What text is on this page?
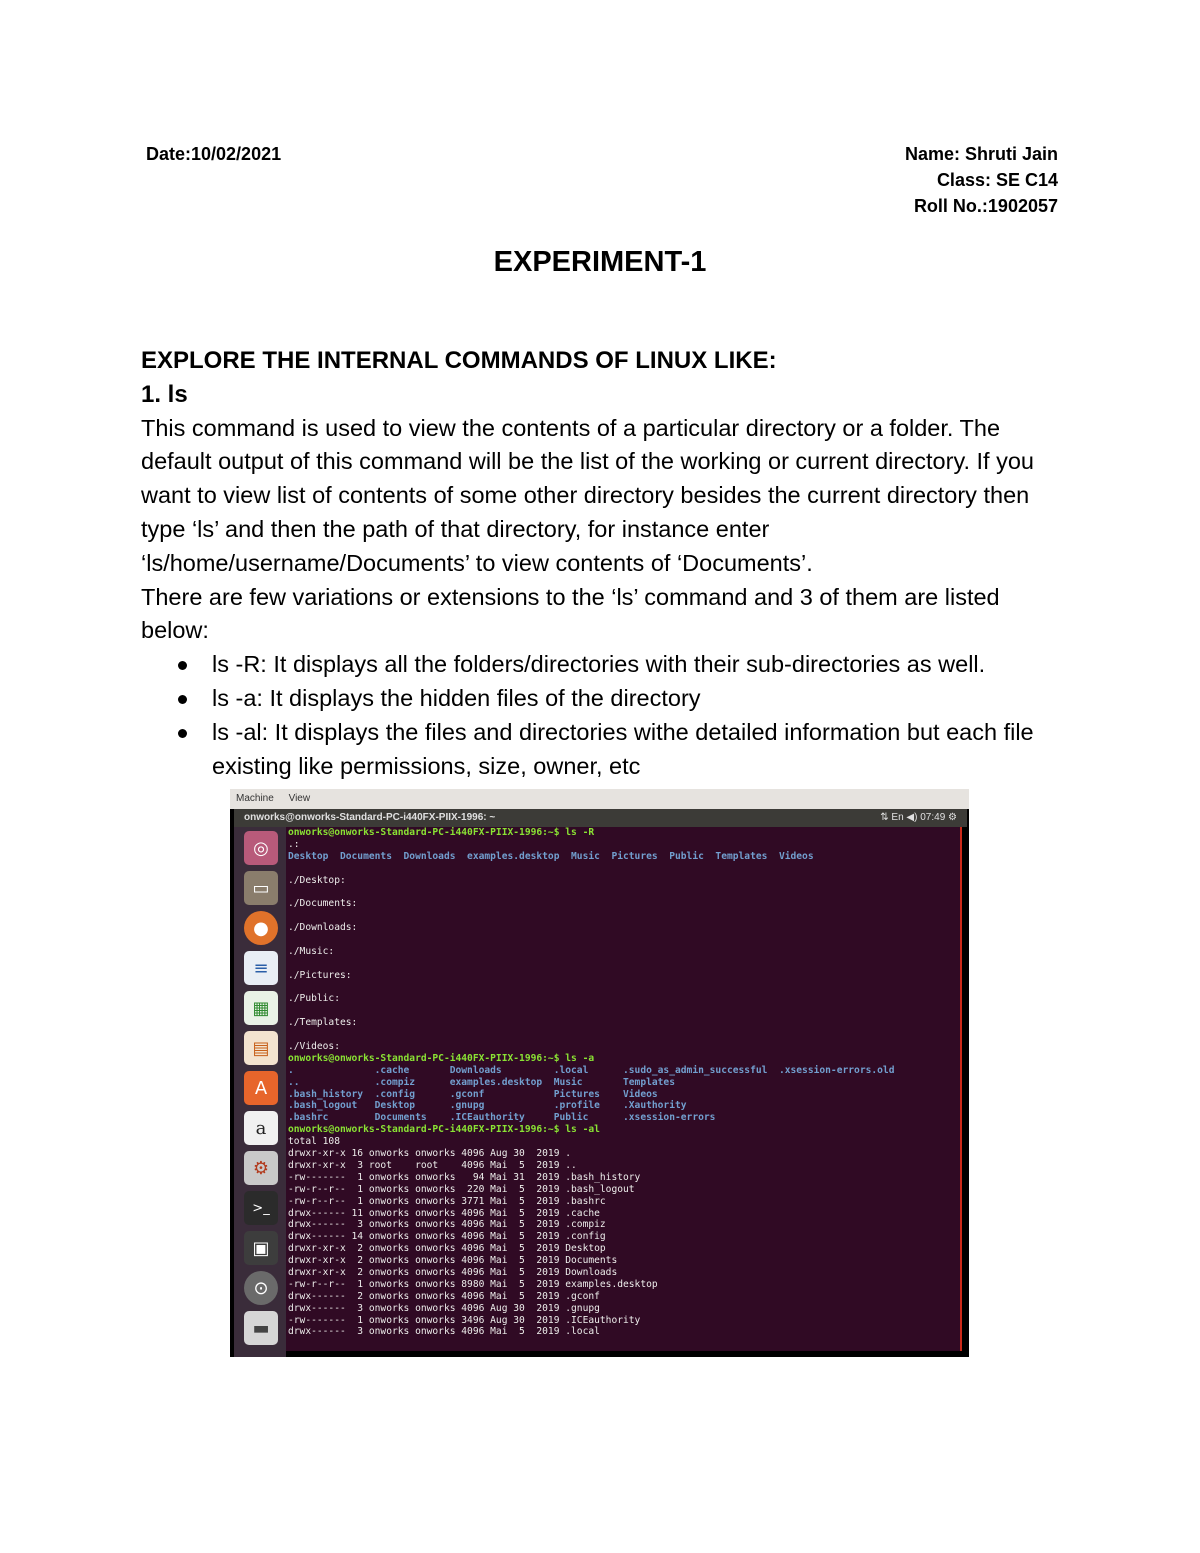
Date:10/02/2021	Name: Shruti Jain
Class: SE C14
Roll No.:1902057
EXPERIMENT-1

EXPLORE THE INTERNAL COMMANDS OF LINUX LIKE:

1. ls

This command is used to view the contents of a particular directory or a folder. The default output of this command will be the list of the working or current directory. If you want to view list of contents of some other directory besides the current directory then type ‘ls’ and then the path of that directory, for instance enter ‘ls/home/username/Documents’ to view contents of ‘Documents’.

There are few variations or extensions to the ‘ls’ command and 3 of them are listed below:

ls -R: It displays all the folders/directories with their sub-directories as well.
ls -a: It displays the hidden files of the directory
ls -al: It displays the files and directories withe detailed information but each file existing like permissions, size, owner, etc
Machine View
onworks@onworks-Standard-PC-i440FX-PIIX-1996: ~	⇅ En ◀) 07:49 ⚙
◎
▭
●
≡
▦
▤
A
a
⚙
>_
▣
⊙
▬
onworks@onworks-Standard-PC-i440FX-PIIX-1996:~$ ls -R
.:
Desktop  Documents  Downloads  examples.desktop  Music  Pictures  Public  Templates  Videos
./Desktop:
./Documents:
./Downloads:
./Music:
./Pictures:
./Public:
./Templates:
./Videos:
onworks@onworks-Standard-PC-i440FX-PIIX-1996:~$ ls -a
.              .cache       Downloads         .local      .sudo_as_admin_successful  .xsession-errors.old
..             .compiz      examples.desktop  Music       Templates
.bash_history  .config      .gconf            Pictures    Videos
.bash_logout   Desktop      .gnupg            .profile    .Xauthority
.bashrc        Documents    .ICEauthority     Public      .xsession-errors
onworks@onworks-Standard-PC-i440FX-PIIX-1996:~$ ls -al
total 108
drwxr-xr-x 16 onworks onworks 4096 Aug 30  2019 .
drwxr-xr-x  3 root    root    4096 Mai  5  2019 ..
-rw-------  1 onworks onworks   94 Mai 31  2019 .bash_history
-rw-r--r--  1 onworks onworks  220 Mai  5  2019 .bash_logout
-rw-r--r--  1 onworks onworks 3771 Mai  5  2019 .bashrc
drwx------ 11 onworks onworks 4096 Mai  5  2019 .cache
drwx------  3 onworks onworks 4096 Mai  5  2019 .compiz
drwx------ 14 onworks onworks 4096 Mai  5  2019 .config
drwxr-xr-x  2 onworks onworks 4096 Mai  5  2019 Desktop
drwxr-xr-x  2 onworks onworks 4096 Mai  5  2019 Documents
drwxr-xr-x  2 onworks onworks 4096 Mai  5  2019 Downloads
-rw-r--r--  1 onworks onworks 8980 Mai  5  2019 examples.desktop
drwx------  2 onworks onworks 4096 Mai  5  2019 .gconf
drwx------  3 onworks onworks 4096 Aug 30  2019 .gnupg
-rw-------  1 onworks onworks 3496 Aug 30  2019 .ICEauthority
drwx------  3 onworks onworks 4096 Mai  5  2019 .local
